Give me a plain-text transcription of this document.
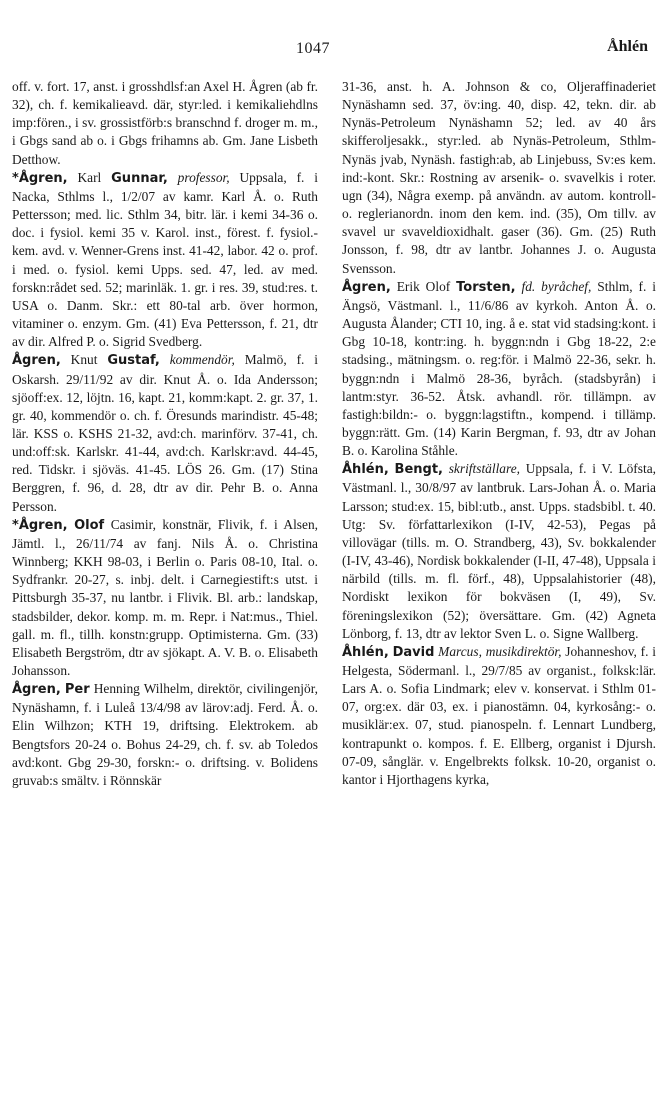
1047	Åhlén

off. v. fort. 17, anst. i grosshdlsf:an Axel H. Ågren (ab fr. 32), ch. f. kemikalieavd. där, styr:led. i kemikaliehdlns imp:fören., i sv. grossistförb:s branschnd f. droger m. m., i Gbgs sand ab o. i Gbgs frihamns ab. Gm. Jane Lisbeth Detthow.

*Ågren, Karl Gunnar, professor, Uppsala, f. i Nacka, Sthlms l., 1/2/07 av kamr. Karl Å. o. Ruth Pettersson; med. lic. Sthlm 34, bitr. lär. i kemi 34-36 o. doc. i fysiol. kemi 35 v. Karol. inst., förest. f. fysiol.-kem. avd. v. Wenner-Grens inst. 41-42, labor. 42 o. prof. i med. o. fysiol. kemi Upps. sed. 47, led. av med. forskn:rådet sed. 52; marinläk. 1. gr. i res. 39, stud:res. t. USA o. Danm. Skr.: ett 80-tal arb. över hormon, vitaminer o. enzym. Gm. (41) Eva Pettersson, f. 21, dtr av dir. Alfred P. o. Sigrid Svedberg.

Ågren, Knut Gustaf, kommendör, Malmö, f. i Oskarsh. 29/11/92 av dir. Knut Å. o. Ida Andersson; sjöoff:ex. 12, löjtn. 16, kapt. 21, komm:kapt. 2. gr. 37, 1. gr. 40, kommendör o. ch. f. Öresunds marindistr. 45-48; lär. KSS o. KSHS 21-32, avd:ch. marinförv. 37-41, ch. und:off:sk. Karlskr. 41-44, avd:ch. Karlskr:avd. 44-45, red. Tidskr. i sjöväs. 41-45. LÖS 26. Gm. (17) Stina Berggren, f. 96, d. 28, dtr av dir. Pehr B. o. Anna Persson.

*Ågren, Olof Casimir, konstnär, Flivik, f. i Alsen, Jämtl. l., 26/11/74 av fanj. Nils Å. o. Christina Winnberg; KKH 98-03, i Berlin o. Paris 08-10, Ital. o. Sydfrankr. 20-27, s. inbj. delt. i Carnegiestift:s utst. i Pittsburgh 35-37, nu lantbr. i Flivik. Bl. arb.: landskap, stadsbilder, dekor. komp. m. m. Repr. i Nat:mus., Thiel. gall. m. fl., tillh. konstn:grupp. Optimisterna. Gm. (33) Elisabeth Bergström, dtr av sjökapt. A. V. B. o. Elisabeth Johansson.

Ågren, Per Henning Wilhelm, direktör, civilingenjör, Nynäshamn, f. i Luleå 13/4/98 av lärov:adj. Ferd. Å. o. Elin Wilhzon; KTH 19, driftsing. Elektrokem. ab Bengtsfors 20-24 o. Bohus 24-29, ch. f. sv. ab Toledos avd:kont. Gbg 29-30, forskn:- o. driftsing. v. Bolidens gruvab:s smältv. i Rönnskär

31-36, anst. h. A. Johnson & co, Oljeraffinaderiet Nynäshamn sed. 37, öv:ing. 40, disp. 42, tekn. dir. ab Nynäs-Petroleum Nynäshamn 52; led. av 40 års skifferoljesakk., styr:led. ab Nynäs-Petroleum, Sthlm-Nynäs jvab, Nynäsh. fastigh:ab, ab Linjebuss, Sv:es kem. ind:-kont. Skr.: Rostning av arsenik- o. svavelkis i roter. ugn (34), Några exemp. på användn. av autom. kontroll- o. reglerianordn. inom den kem. ind. (35), Om tillv. av svavel ur svaveldioxidhalt. gaser (36). Gm. (25) Ruth Jonsson, f. 98, dtr av lantbr. Johannes J. o. Augusta Svensson.

Ågren, Erik Olof Torsten, fd. byråchef, Sthlm, f. i Ängsö, Västmanl. l., 11/6/86 av kyrkoh. Anton Å. o. Augusta Ålander; CTI 10, ing. å e. stat vid stadsing:kont. i Gbg 10-18, kontr:ing. h. byggn:ndn i Gbg 18-22, 2:e stadsing., mätningsm. o. reg:för. i Malmö 22-36, sekr. h. byggn:ndn i Malmö 28-36, byråch. (stadsbyrån) i lantm:styr. 36-52. Åtsk. avhandl. rör. tillämpn. av fastigh:bildn:- o. byggn:lagstiftn., kompend. i tillämp. byggn:rätt. Gm. (14) Karin Bergman, f. 93, dtr av Johan B. o. Karolina Ståhle.

Åhlén, Bengt, skriftställare, Uppsala, f. i V. Löfsta, Västmanl. l., 30/8/97 av lantbruk. Lars-Johan Å. o. Maria Larsson; stud:ex. 15, bibl:utb., anst. Upps. stadsbibl. t. 40. Utg: Sv. författarlexikon (I-IV, 42-53), Pegas på villovägar (tills. m. O. Strandberg, 43), Sv. bokkalender (I-IV, 43-46), Nordisk bokkalender (I-II, 47-48), Uppsala i närbild (tills. m. fl. förf., 48), Uppsalahistorier (48), Nordiskt lexikon för bokväsen (I, 49), Sv. föreningslexikon (52); översättare. Gm. (42) Agneta Lönborg, f. 13, dtr av lektor Sven L. o. Signe Wallberg.

Åhlén, David Marcus, musikdirektör, Johanneshov, f. i Helgesta, Södermanl. l., 29/7/85 av organist., folksk:lär. Lars A. o. Sofia Lindmark; elev v. konservat. i Sthlm 01-07, org:ex. där 03, ex. i pianostämn. 04, kyrkosång:- o. musiklär:ex. 07, stud. pianospeln. f. Lennart Lundberg, kontrapunkt o. kompos. f. E. Ellberg, organist i Djursh. 07-09, sånglär. v. Engelbrekts folksk. 10-20, organist o. kantor i Hjorthagens kyrka,
